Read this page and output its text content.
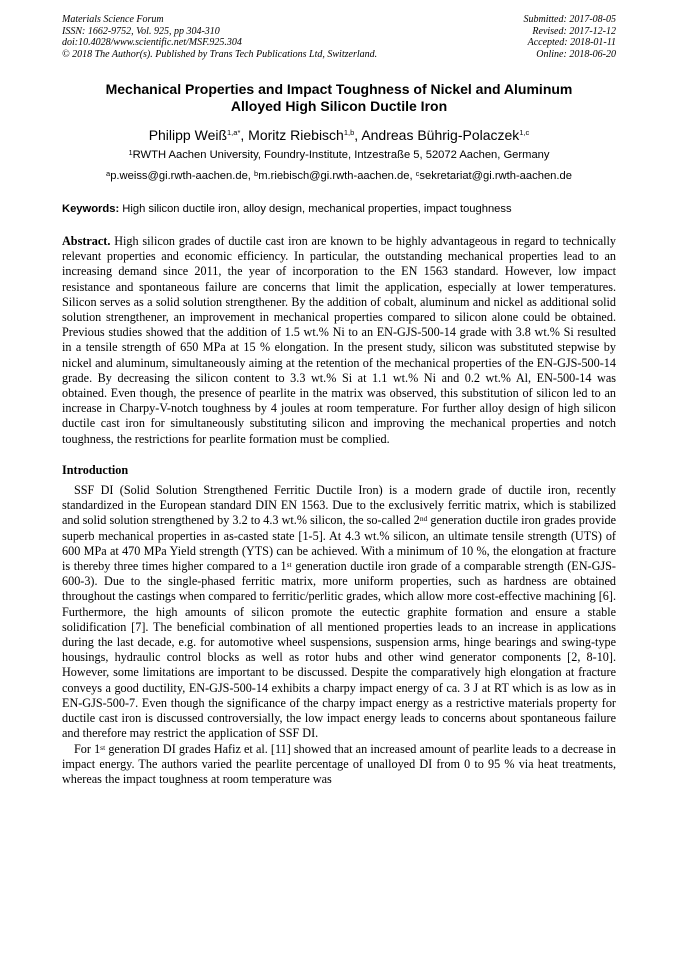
Materials Science Forum
ISSN: 1662-9752, Vol. 925, pp 304-310
doi:10.4028/www.scientific.net/MSF.925.304
© 2018 The Author(s). Published by Trans Tech Publications Ltd, Switzerland.
Submitted: 2017-08-05
Revised: 2017-12-12
Accepted: 2018-01-11
Online: 2018-06-20
Mechanical Properties and Impact Toughness of Nickel and Aluminum
Alloyed High Silicon Ductile Iron
Philipp Weiß$^{1,a*}$, Moritz Riebisch$^{1,b}$, Andreas Bührig-Polaczek$^{1,c}$
$^1$RWTH Aachen University, Foundry-Institute, Intzestraße 5, 52072 Aachen, Germany
$^a$p.weiss@gi.rwth-aachen.de, $^b$m.riebisch@gi.rwth-aachen.de, $^c$sekretariat@gi.rwth-aachen.de
Keywords: High silicon ductile iron, alloy design, mechanical properties, impact toughness
Abstract. High silicon grades of ductile cast iron are known to be highly advantageous in regard to technically relevant properties and economic efficiency. In particular, the outstanding mechanical properties lead to an increasing demand since 2011, the year of incorporation to the EN 1563 standard. However, low impact resistance and spontaneous failure are concerns that limit the application, especially at lower temperatures. Silicon serves as a solid solution strengthener. By the addition of cobalt, aluminum and nickel as additional solid solution strengthener, an improvement in mechanical properties compared to silicon alone could be obtained. Previous studies showed that the addition of 1.5 wt.% Ni to an EN-GJS-500-14 grade with 3.8 wt.% Si resulted in a tensile strength of 650 MPa at 15 % elongation. In the present study, silicon was substituted stepwise by nickel and aluminum, simultaneously aiming at the retention of the mechanical properties of the EN-GJS-500-14 grade. By decreasing the silicon content to 3.3 wt.% Si at 1.1 wt.% Ni and 0.2 wt.% Al, EN-500-14 was obtained. Even though, the presence of pearlite in the matrix was observed, this substitution of silicon led to an increase in Charpy-V-notch toughness by 4 joules at room temperature. For further alloy design of high silicon ductile cast iron for simultaneously substituting silicon and improving the mechanical properties and notch toughness, the restrictions for pearlite formation must be complied.
Introduction
SSF DI (Solid Solution Strengthened Ferritic Ductile Iron) is a modern grade of ductile iron, recently standardized in the European standard DIN EN 1563. Due to the exclusively ferritic matrix, which is stabilized and solid solution strengthened by 3.2 to 4.3 wt.% silicon, the so-called 2nd generation ductile iron grades provide superb mechanical properties in as-casted state [1-5]. At 4.3 wt.% silicon, an ultimate tensile strength (UTS) of 600 MPa at 470 MPa Yield strength (YTS) can be achieved. With a minimum of 10 %, the elongation at fracture is thereby three times higher compared to a 1st generation ductile iron grade of a comparable strength (EN-GJS-600-3). Due to the single-phased ferritic matrix, more uniform properties, such as hardness are obtained throughout the castings when compared to ferritic/perlitic grades, which allow more cost-effective machining [6]. Furthermore, the high amounts of silicon promote the eutectic graphite formation and ensure a stable solidification [7]. The beneficial combination of all mentioned properties leads to an increase in applications during the last decade, e.g. for automotive wheel suspensions, suspension arms, hinge bearings and swing-type housings, hydraulic control blocks as well as rotor hubs and other wind generator components [2, 8-10]. However, some limitations are important to be discussed. Despite the comparatively high elongation at fracture conveys a good ductility, EN-GJS-500-14 exhibits a charpy impact energy of ca. 3 J at RT which is as low as in EN-GJS-500-7. Even though the significance of the charpy impact energy as a restrictive materials property for ductile cast iron is discussed controversially, the low impact energy leads to concerns about spontaneous failure and therefore may restrict the application of SSF DI.
For 1st generation DI grades Hafiz et al. [11] showed that an increased amount of pearlite leads to a decrease in impact energy. The authors varied the pearlite percentage of unalloyed DI from 0 to 95 % via heat treatments, whereas the impact toughness at room temperature was
